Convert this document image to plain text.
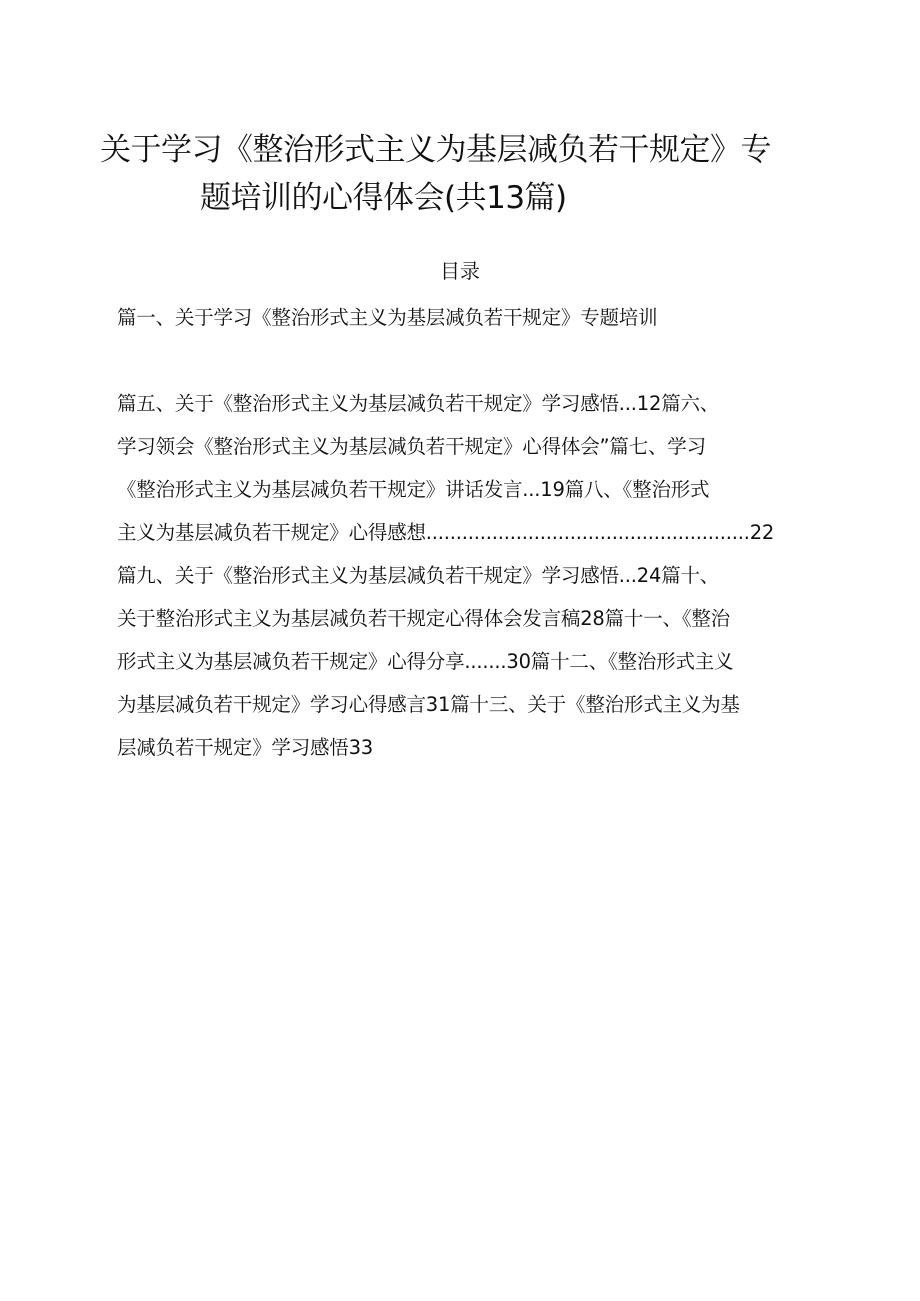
关于学习《整治形式主义为基层减负若干规定》专
题培训的心得体会(共13篇)
目录
篇一、关于学习《整治形式主义为基层减负若干规定》专题培训
篇五、关于《整治形式主义为基层减负若干规定》学习感悟...12篇六、
学习领会《整治形式主义为基层减负若干规定》心得体会”篇七、学习
《整治形式主义为基层减负若干规定》讲话发言...19篇八、《整治形式
主义为基层减负若干规定》心得感想......................................................22
篇九、关于《整治形式主义为基层减负若干规定》学习感悟...24篇十、
关于整治形式主义为基层减负若干规定心得体会发言稿28篇十一、《整治
形式主义为基层减负若干规定》心得分享.......30篇十二、《整治形式主义
为基层减负若干规定》学习心得感言31篇十三、关于《整治形式主义为基
层减负若干规定》学习感悟33
